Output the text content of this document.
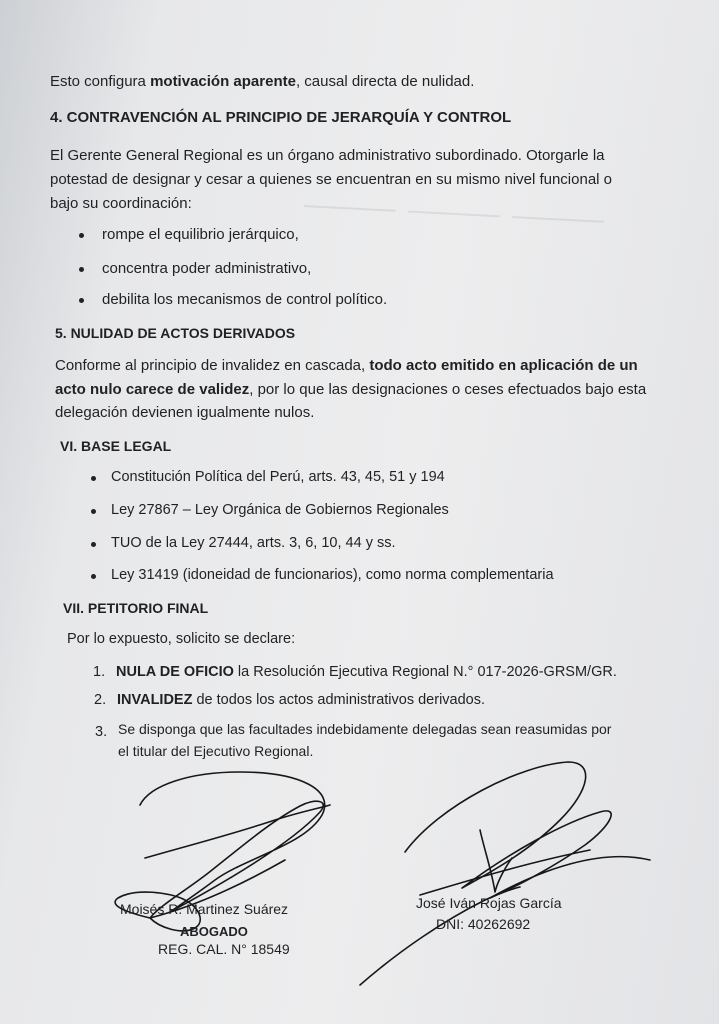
⸻ ⸻ ⸻
Esto configura motivación aparente, causal directa de nulidad.
4. CONTRAVENCIÓN AL PRINCIPIO DE JERARQUÍA Y CONTROL
El Gerente General Regional es un órgano administrativo subordinado. Otorgarle la
potestad de designar y cesar a quienes se encuentran en su mismo nivel funcional o
bajo su coordinación:
rompe el equilibrio jerárquico,
concentra poder administrativo,
debilita los mecanismos de control político.
5. NULIDAD DE ACTOS DERIVADOS
Conforme al principio de invalidez en cascada, todo acto emitido en aplicación de un
acto nulo carece de validez, por lo que las designaciones o ceses efectuados bajo esta
delegación devienen igualmente nulos.
VI. BASE LEGAL
Constitución Política del Perú, arts. 43, 45, 51 y 194
Ley 27867 – Ley Orgánica de Gobiernos Regionales
TUO de la Ley 27444, arts. 3, 6, 10, 44 y ss.
Ley 31419 (idoneidad de funcionarios), como norma complementaria
VII. PETITORIO FINAL
Por lo expuesto, solicito se declare:
1. NULA DE OFICIO la Resolución Ejecutiva Regional N.° 017-2026-GRSM/GR.
2. INVALIDEZ de todos los actos administrativos derivados.
3. Se disponga que las facultades indebidamente delegadas sean reasumidas por
el titular del Ejecutivo Regional.
Moisés R. Martinez Suárez
ABOGADO
REG. CAL. N° 18549
José Iván Rojas García
DNI: 40262692
